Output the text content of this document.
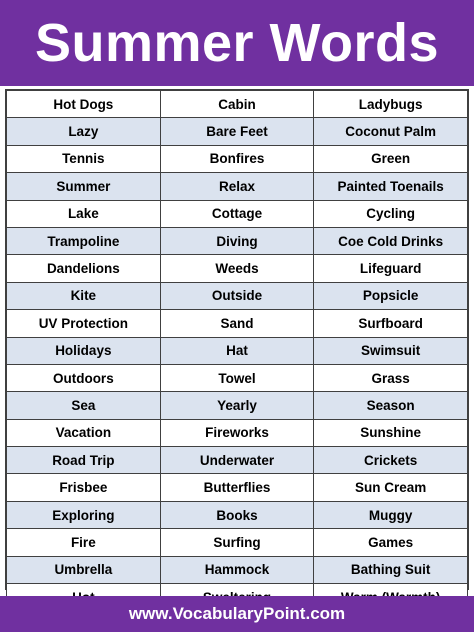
Summer Words
Hot Dogs	Cabin	Ladybugs
Lazy	Bare Feet	Coconut Palm
Tennis	Bonfires	Green
Summer	Relax	Painted Toenails
Lake	Cottage	Cycling
Trampoline	Diving	Coe Cold Drinks
Dandelions	Weeds	Lifeguard
Kite	Outside	Popsicle
UV Protection	Sand	Surfboard
Holidays	Hat	Swimsuit
Outdoors	Towel	Grass
Sea	Yearly	Season
Vacation	Fireworks	Sunshine
Road Trip	Underwater	Crickets
Frisbee	Butterflies	Sun Cream
Exploring	Books	Muggy
Fire	Surfing	Games
Umbrella	Hammock	Bathing Suit

www.VocabularyPoint.com
